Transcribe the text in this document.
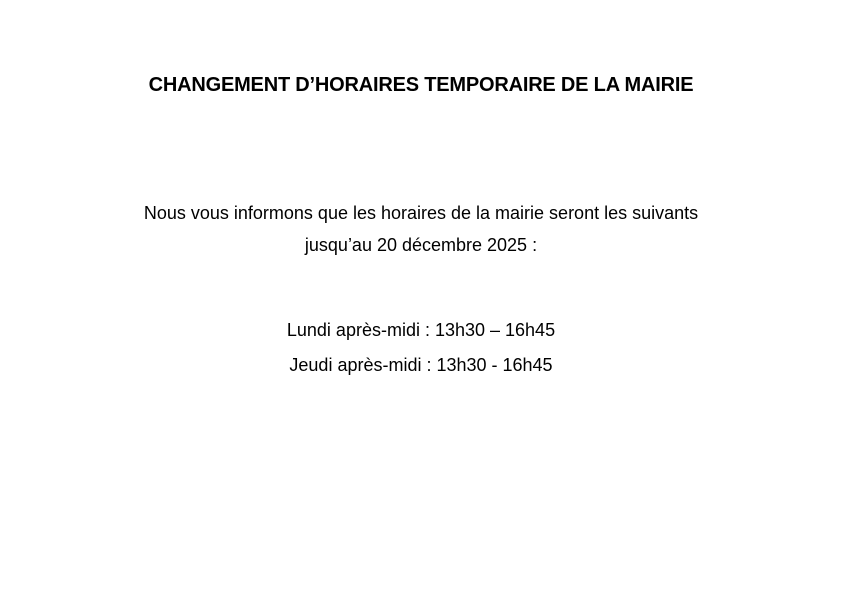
CHANGEMENT D’HORAIRES TEMPORAIRE DE LA MAIRIE
Nous vous informons que les horaires de la mairie seront les suivants
jusqu’au 20 décembre 2025 :
Lundi après-midi : 13h30 – 16h45
Jeudi après-midi : 13h30 - 16h45
